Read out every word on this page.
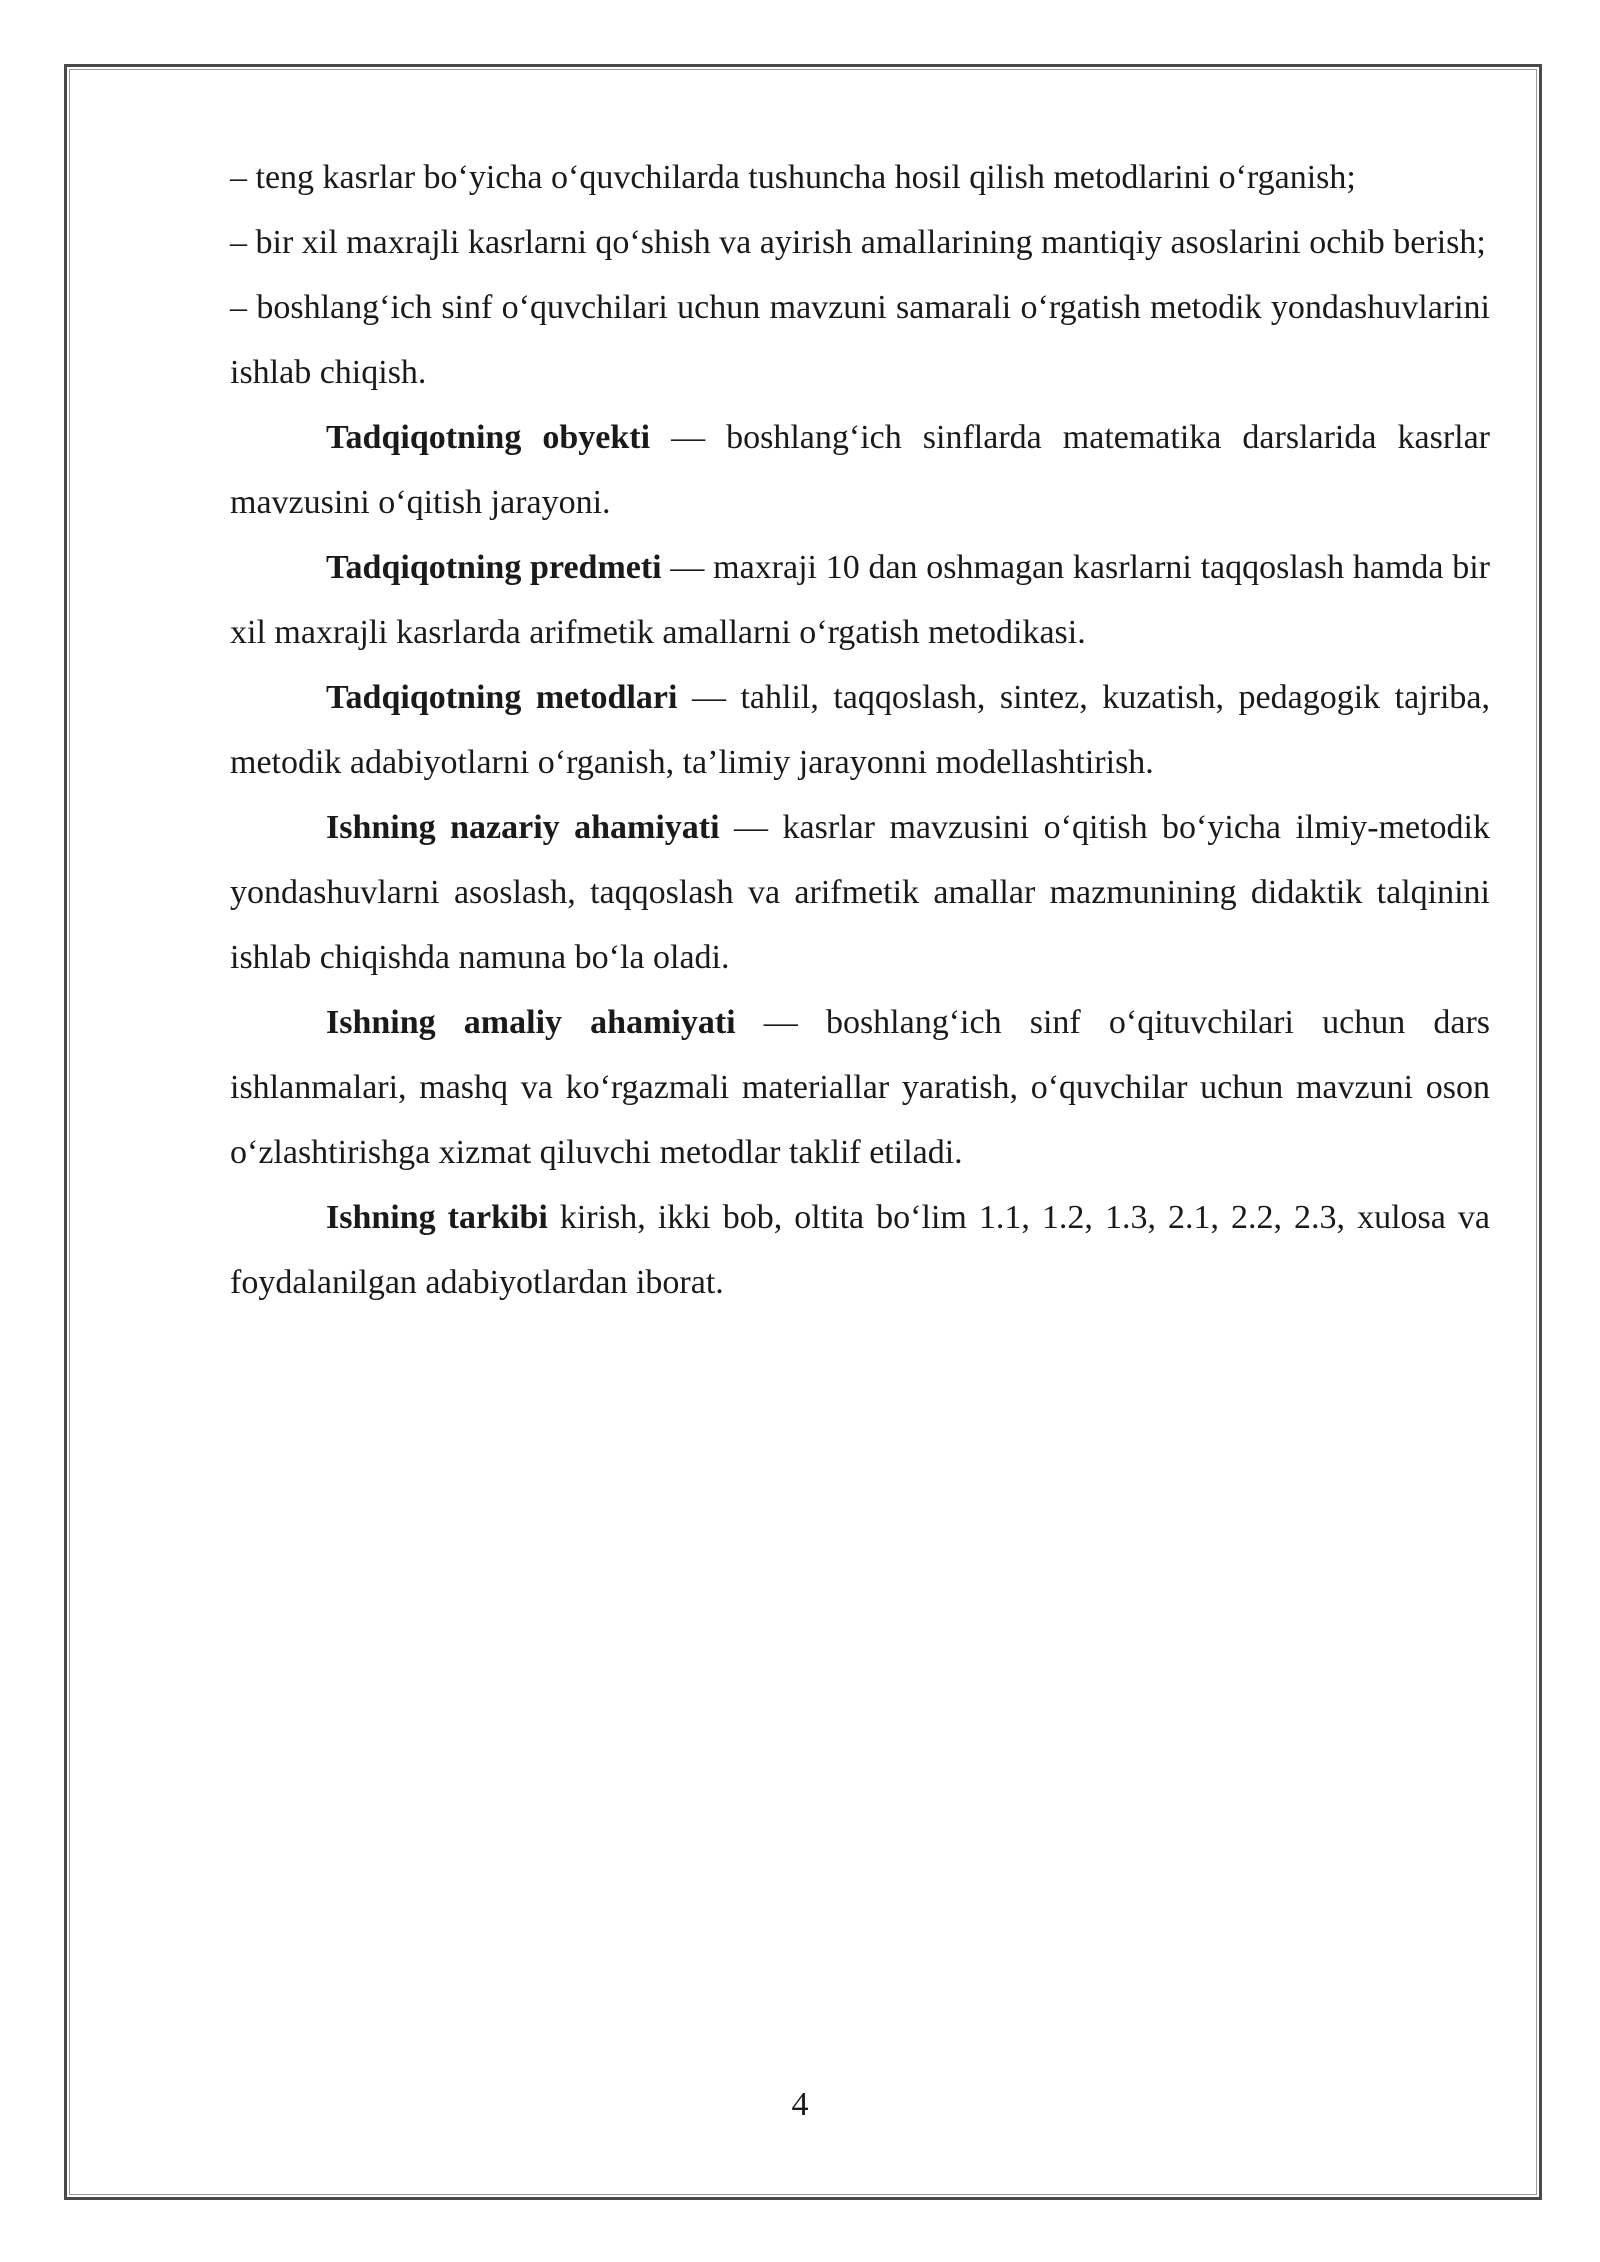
– teng kasrlar bo‘yicha o‘quvchilarda tushuncha hosil qilish metodlarini o‘rganish;

– bir xil maxrajli kasrlarni qo‘shish va ayirish amallarining mantiqiy asoslarini ochib berish;

– boshlang‘ich sinf o‘quvchilari uchun mavzuni samarali o‘rgatish metodik yondashuvlarini ishlab chiqish.

Tadqiqotning obyekti — boshlang‘ich sinflarda matematika darslarida kasrlar mavzusini o‘qitish jarayoni.

Tadqiqotning predmeti — maxraji 10 dan oshmagan kasrlarni taqqoslash hamda bir xil maxrajli kasrlarda arifmetik amallarni o‘rgatish metodikasi.

Tadqiqotning metodlari — tahlil, taqqoslash, sintez, kuzatish, pedagogik tajriba, metodik adabiyotlarni o‘rganish, ta’limiy jarayonni modellashtirish.

Ishning nazariy ahamiyati — kasrlar mavzusini o‘qitish bo‘yicha ilmiy-metodik yondashuvlarni asoslash, taqqoslash va arifmetik amallar mazmunining didaktik talqinini ishlab chiqishda namuna bo‘la oladi.

Ishning amaliy ahamiyati — boshlang‘ich sinf o‘qituvchilari uchun dars ishlanmalari, mashq va ko‘rgazmali materiallar yaratish, o‘quvchilar uchun mavzuni oson o‘zlashtirishga xizmat qiluvchi metodlar taklif etiladi.

Ishning tarkibi kirish, ikki bob, oltita bo‘lim 1.1, 1.2, 1.3, 2.1, 2.2, 2.3, xulosa va foydalanilgan adabiyotlardan iborat.

4
